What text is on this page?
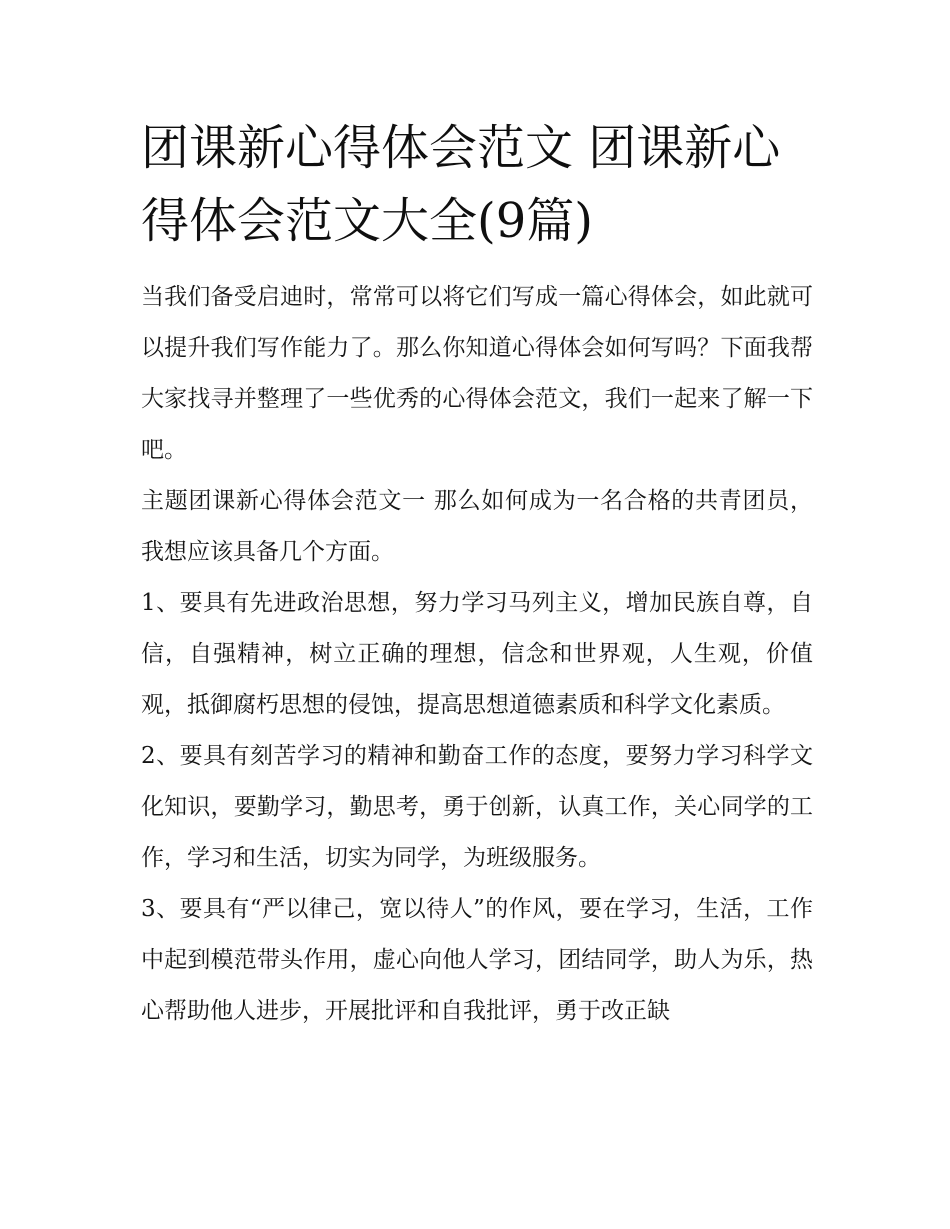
团课新心得体会范文 团课新心得体会范文大全(9篇)

当我们备受启迪时，常常可以将它们写成一篇心得体会，如此就可以提升我们写作能力了。那么你知道心得体会如何写吗？下面我帮大家找寻并整理了一些优秀的心得体会范文，我们一起来了解一下吧。

主题团课新心得体会范文一 那么如何成为一名合格的共青团员，我想应该具备几个方面。

1、要具有先进政治思想，努力学习马列主义，增加民族自尊，自信，自强精神，树立正确的理想，信念和世界观，人生观，价值观，抵御腐朽思想的侵蚀，提高思想道德素质和科学文化素质。

2、要具有刻苦学习的精神和勤奋工作的态度，要努力学习科学文化知识，要勤学习，勤思考，勇于创新，认真工作，关心同学的工作，学习和生活，切实为同学，为班级服务。

3、要具有“严以律己，宽以待人”的作风，要在学习，生活，工作中起到模范带头作用，虚心向他人学习，团结同学，助人为乐，热心帮助他人进步，开展批评和自我批评，勇于改正缺
